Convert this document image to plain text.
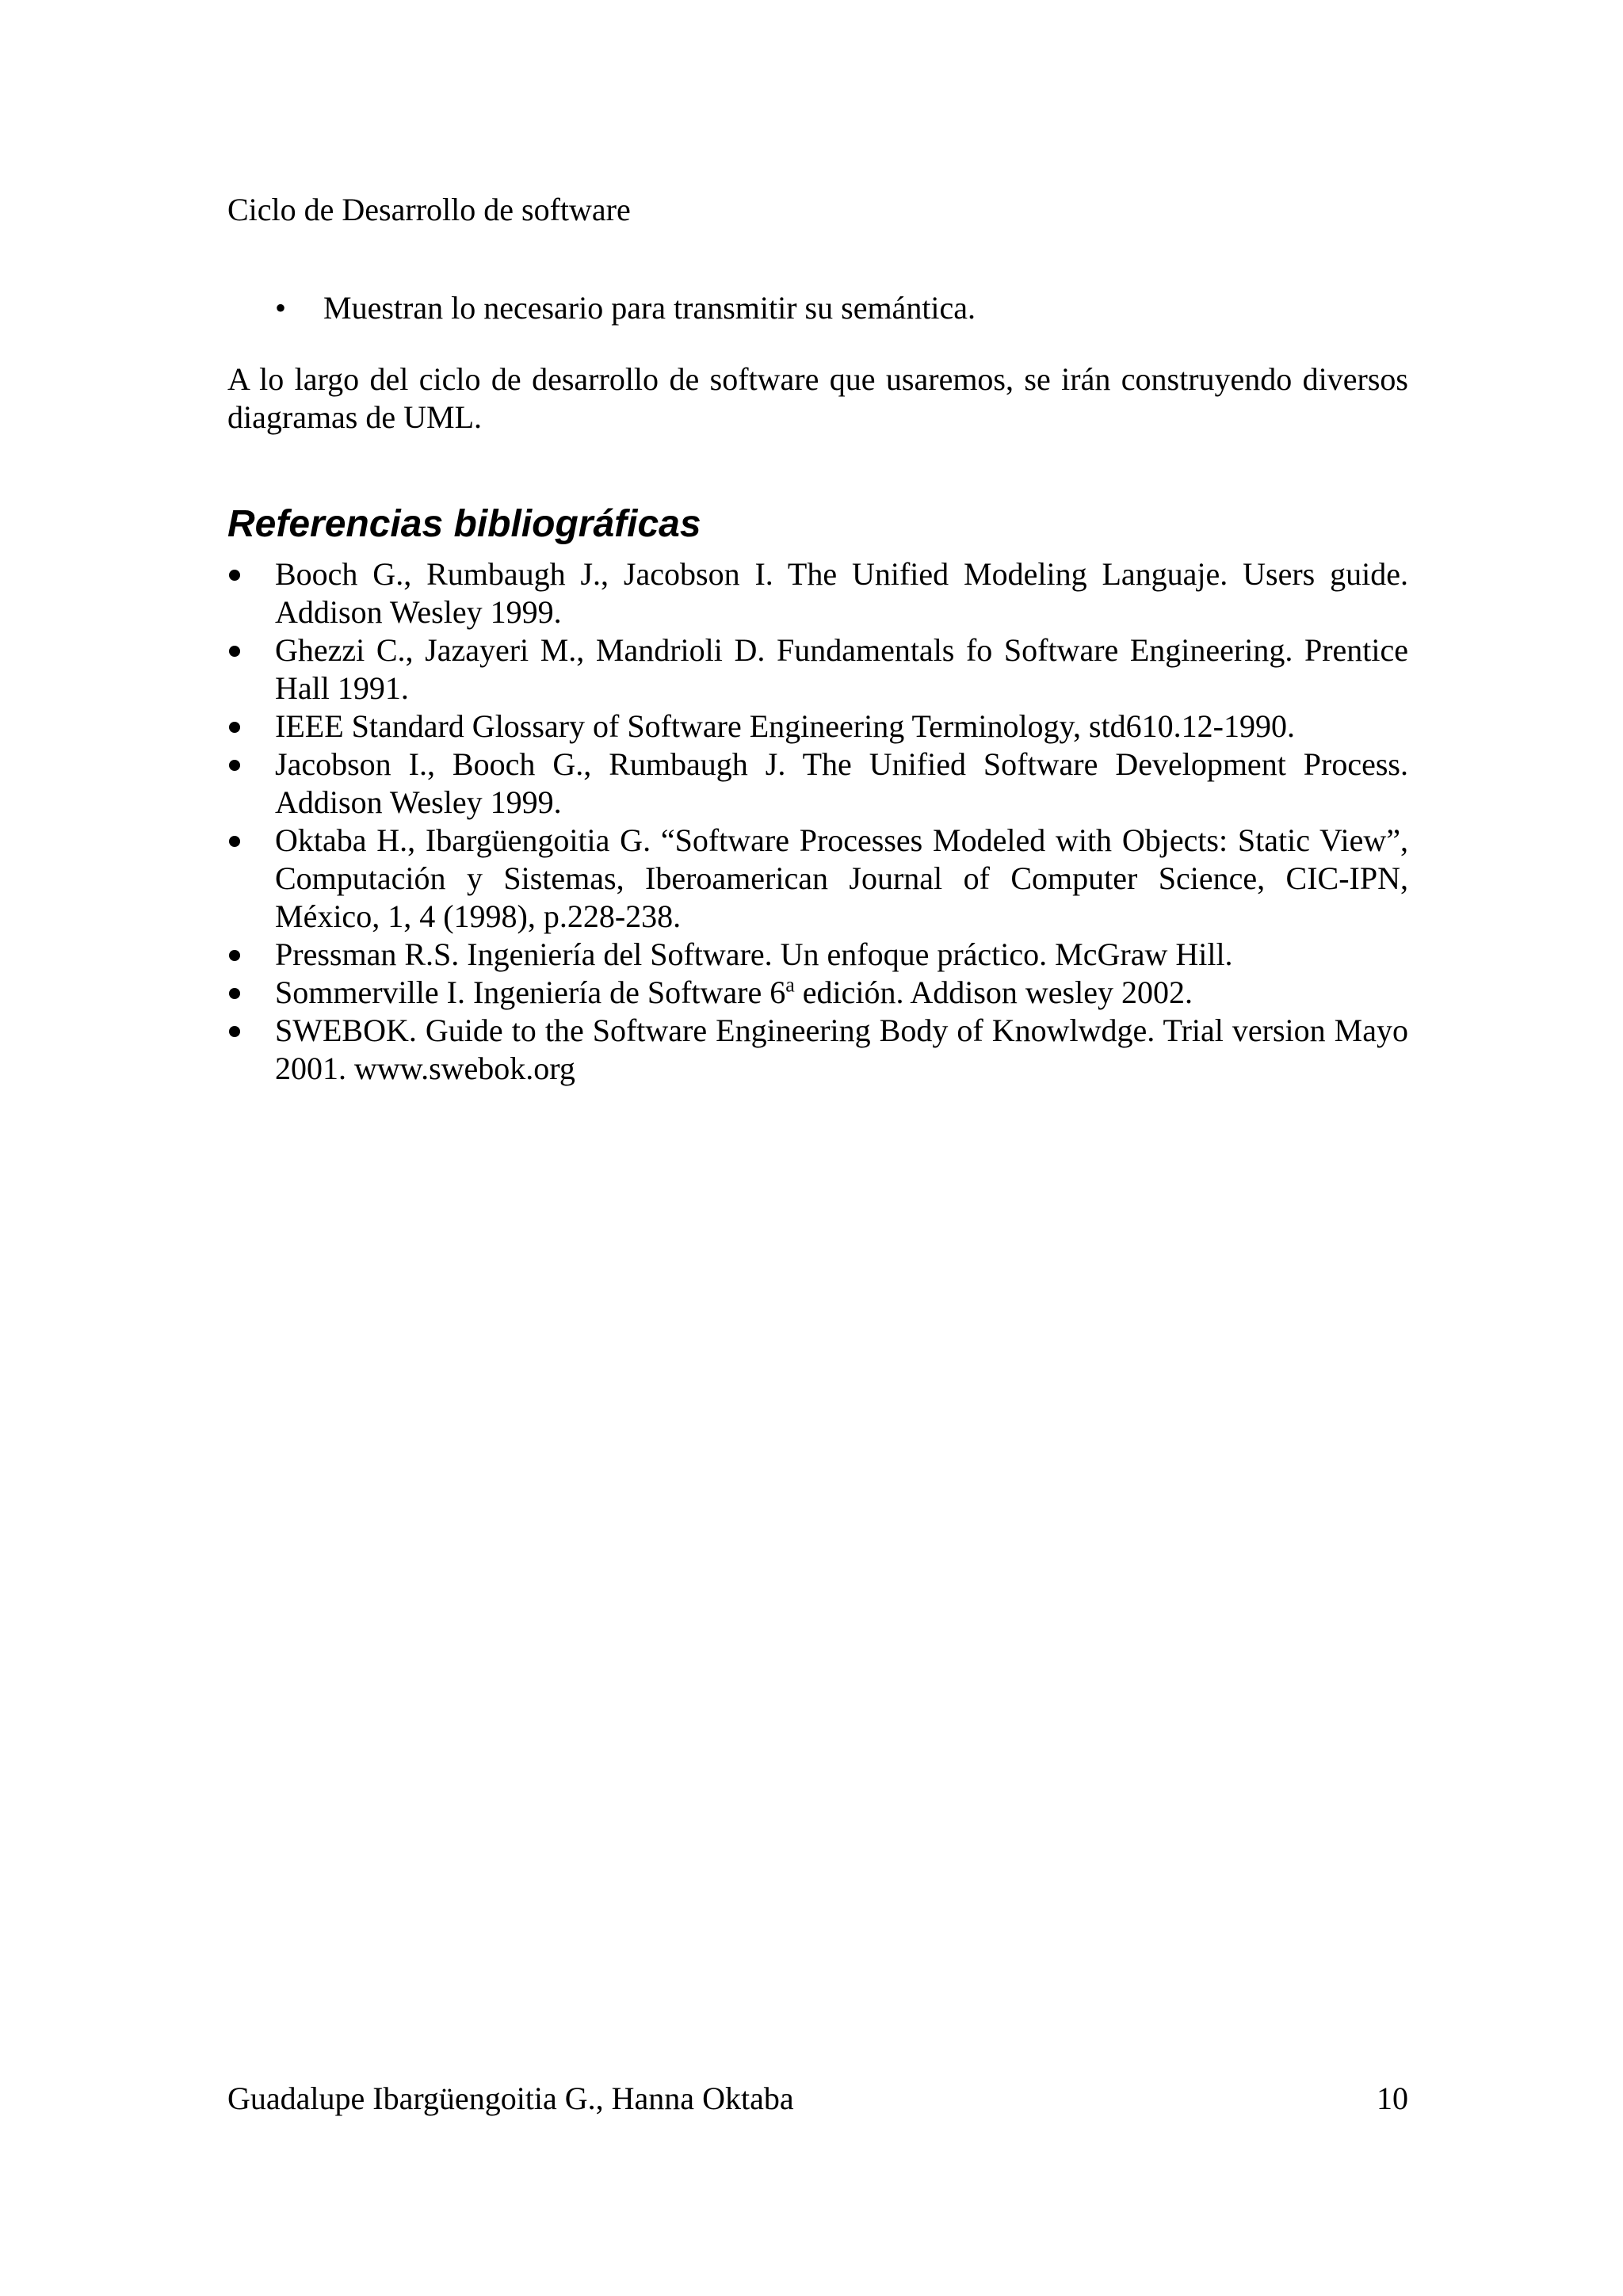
Ciclo de Desarrollo de software
• Muestran lo necesario para transmitir su semántica.

A lo largo del ciclo de desarrollo de software que usaremos, se irán construyendo diversos diagramas de UML.

Referencias bibliográficas
Booch G., Rumbaugh J., Jacobson I. The Unified Modeling Languaje. Users guide. Addison Wesley 1999.
Ghezzi C., Jazayeri M., Mandrioli D. Fundamentals fo Software Engineering. Prentice Hall 1991.
IEEE Standard Glossary of Software Engineering Terminology, std610.12-1990.
Jacobson I., Booch G., Rumbaugh J. The Unified Software Development Process. Addison Wesley 1999.
Oktaba H., Ibargüengoitia G. “Software Processes Modeled with Objects: Static View”, Computación y Sistemas, Iberoamerican Journal of Computer Science, CIC-IPN, México, 1, 4 (1998), p.228-238.
Pressman R.S. Ingeniería del Software. Un enfoque práctico. McGraw Hill.
Sommerville I. Ingeniería de Software 6$^a$ edición. Addison wesley 2002.
SWEBOK. Guide to the Software Engineering Body of Knowlwdge. Trial version Mayo 2001. www.swebok.org
Guadalupe Ibargüengoitia G., Hanna Oktaba	10
